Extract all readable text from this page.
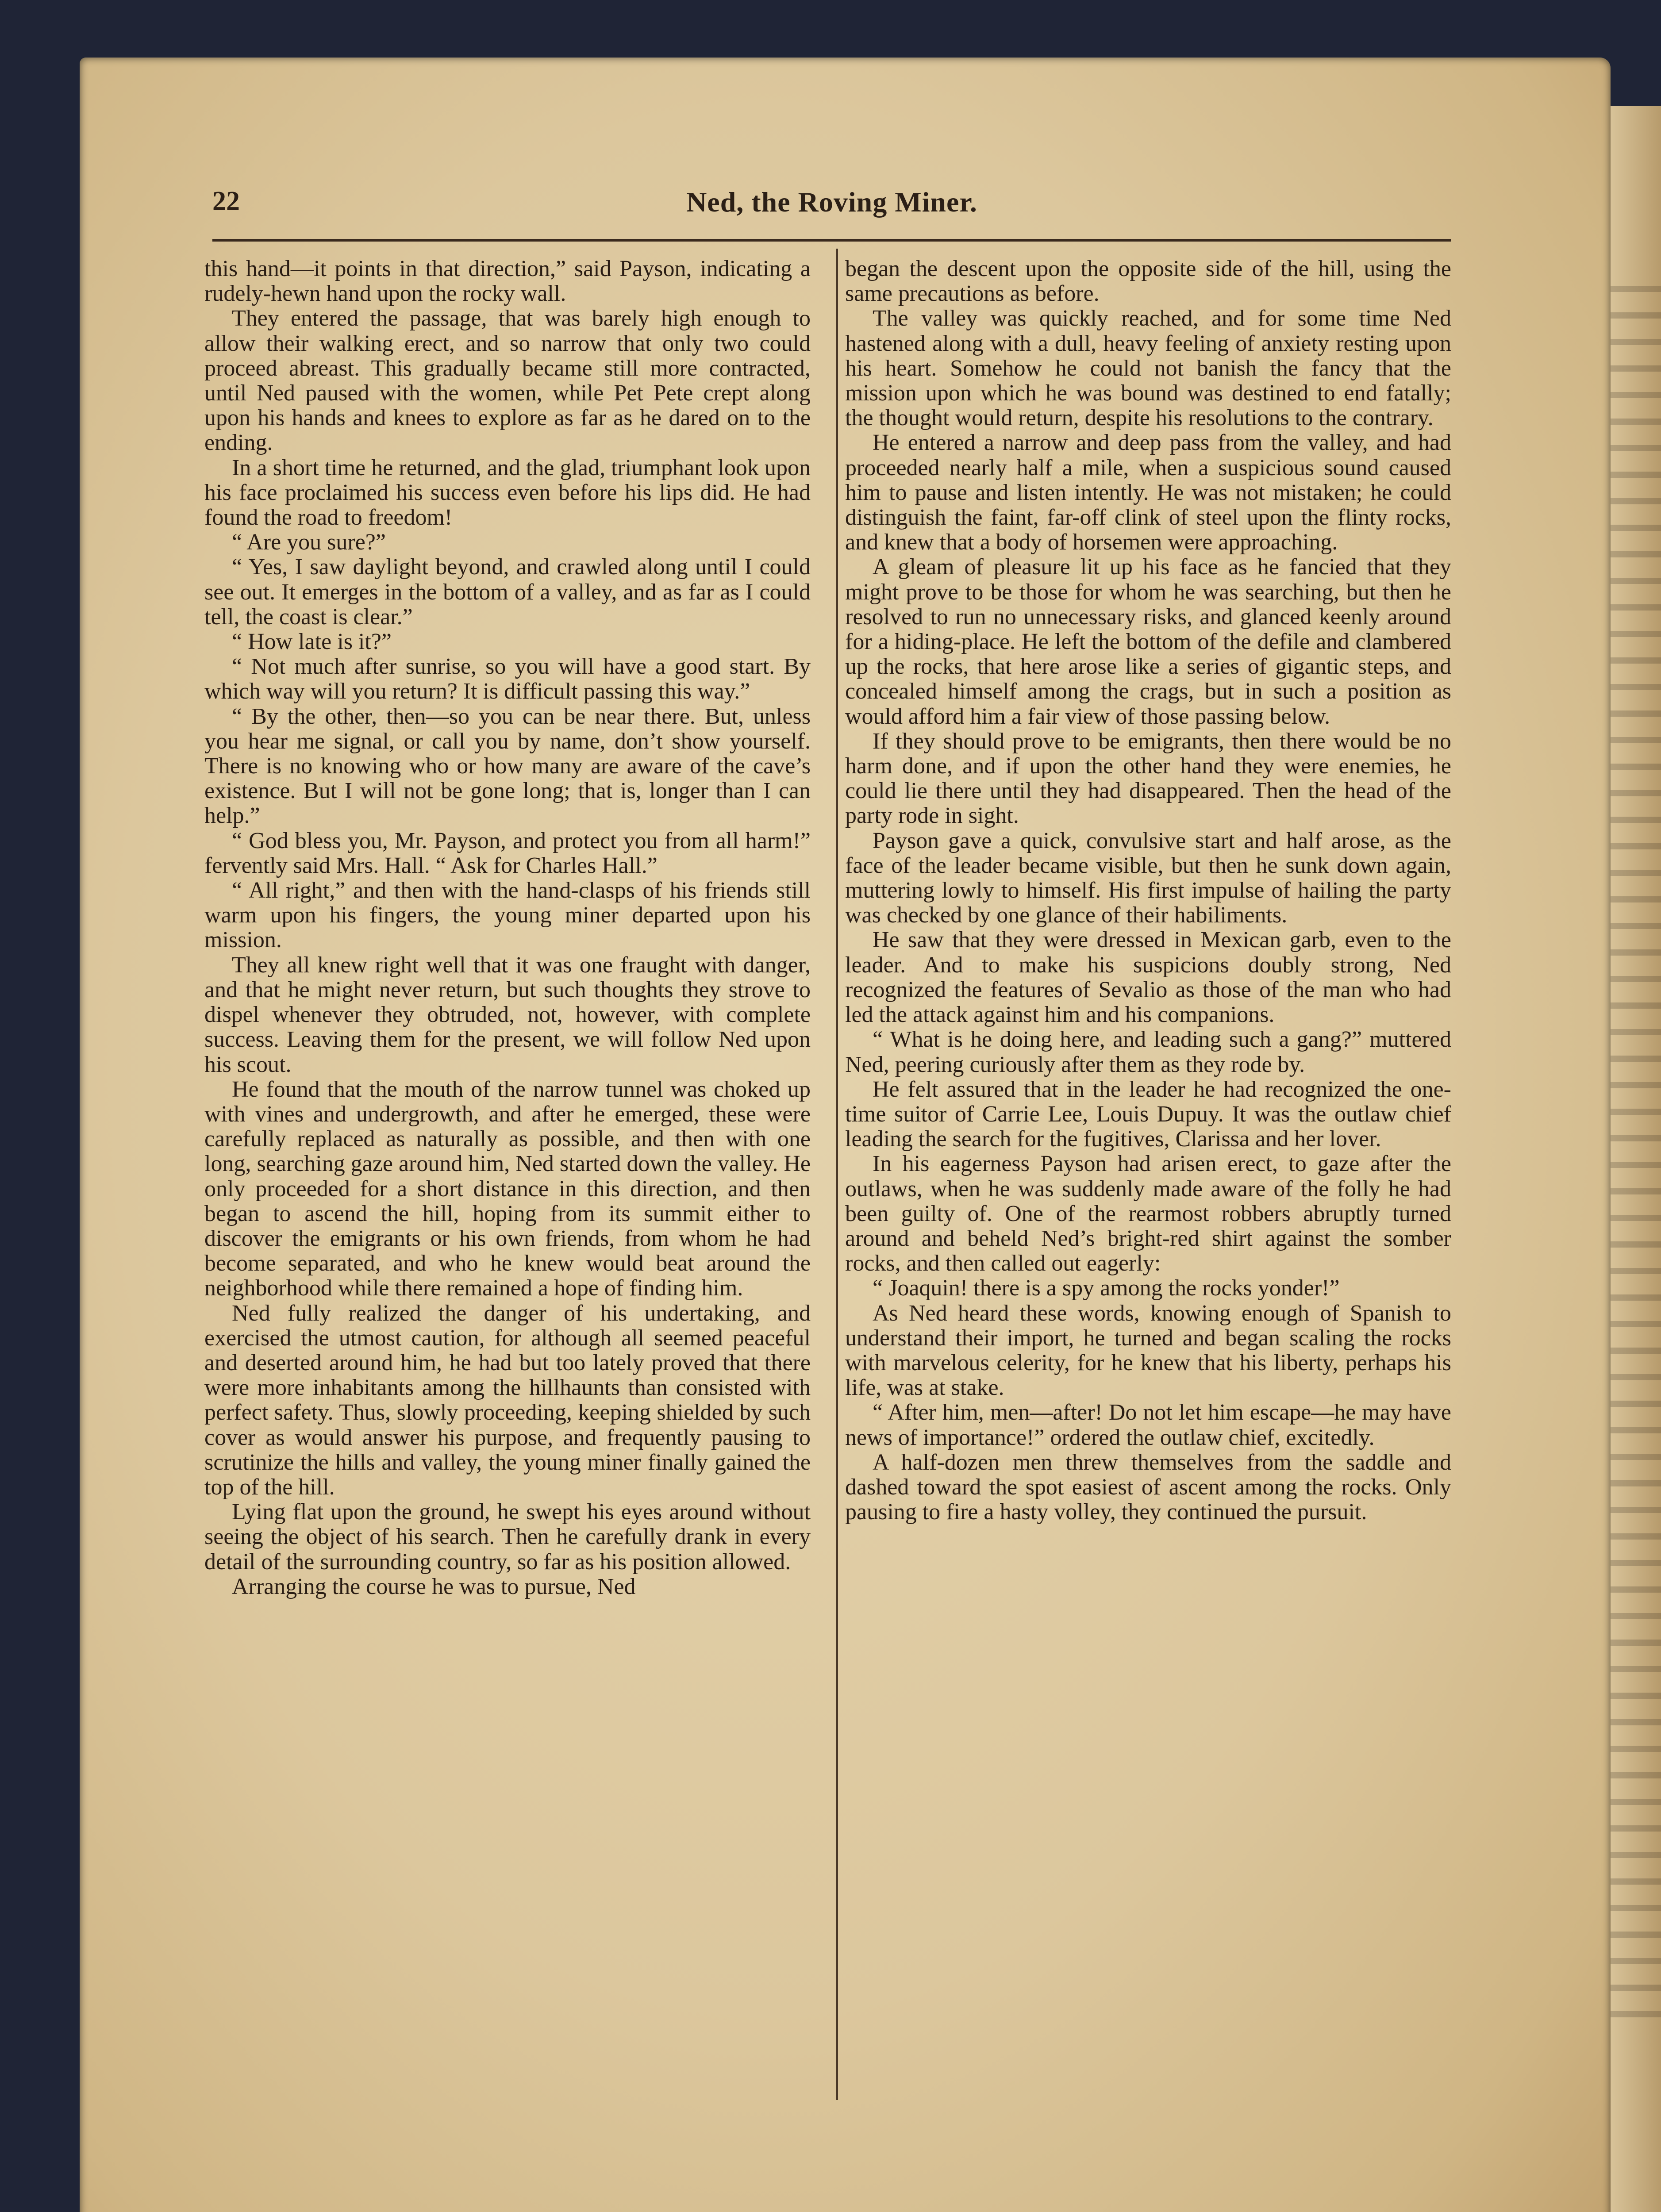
22	Ned, the Roving Miner.

this hand—it points in that direction,” said Payson, indicating a rudely-hewn hand upon the rocky wall.

They entered the passage, that was barely high enough to allow their walking erect, and so narrow that only two could proceed abreast. This gradually became still more contracted, until Ned paused with the women, while Pet Pete crept along upon his hands and knees to explore as far as he dared on to the ending.

In a short time he returned, and the glad, triumphant look upon his face proclaimed his success even before his lips did. He had found the road to freedom!

“ Are you sure?”

“ Yes, I saw daylight beyond, and crawled along until I could see out. It emerges in the bottom of a valley, and as far as I could tell, the coast is clear.”

“ How late is it?”

“ Not much after sunrise, so you will have a good start. By which way will you return? It is difficult passing this way.”

“ By the other, then—so you can be near there. But, unless you hear me signal, or call you by name, don’t show yourself. There is no knowing who or how many are aware of the cave’s existence. But I will not be gone long; that is, longer than I can help.”

“ God bless you, Mr. Payson, and protect you from all harm!” fervently said Mrs. Hall. “ Ask for Charles Hall.”

“ All right,” and then with the hand-clasps of his friends still warm upon his fingers, the young miner departed upon his mission.

They all knew right well that it was one fraught with danger, and that he might never return, but such thoughts they strove to dispel whenever they obtruded, not, however, with complete success. Leaving them for the present, we will follow Ned upon his scout.

He found that the mouth of the narrow tunnel was choked up with vines and undergrowth, and after he emerged, these were carefully replaced as naturally as possible, and then with one long, searching gaze around him, Ned started down the valley. He only proceeded for a short distance in this direction, and then began to ascend the hill, hoping from its summit either to discover the emigrants or his own friends, from whom he had become separated, and who he knew would beat around the neighborhood while there remained a hope of finding him.

Ned fully realized the danger of his undertaking, and exercised the utmost caution, for although all seemed peaceful and deserted around him, he had but too lately proved that there were more inhabitants among the hillhaunts than consisted with perfect safety. Thus, slowly proceeding, keeping shielded by such cover as would answer his purpose, and frequently pausing to scrutinize the hills and valley, the young miner finally gained the top of the hill.

Lying flat upon the ground, he swept his eyes around without seeing the object of his search. Then he carefully drank in every detail of the surrounding country, so far as his position allowed.

Arranging the course he was to pursue, Ned

began the descent upon the opposite side of the hill, using the same precautions as before.

The valley was quickly reached, and for some time Ned hastened along with a dull, heavy feeling of anxiety resting upon his heart. Somehow he could not banish the fancy that the mission upon which he was bound was destined to end fatally; the thought would return, despite his resolutions to the contrary.

He entered a narrow and deep pass from the valley, and had proceeded nearly half a mile, when a suspicious sound caused him to pause and listen intently. He was not mistaken; he could distinguish the faint, far-off clink of steel upon the flinty rocks, and knew that a body of horsemen were approaching.

A gleam of pleasure lit up his face as he fancied that they might prove to be those for whom he was searching, but then he resolved to run no unnecessary risks, and glanced keenly around for a hiding-place. He left the bottom of the defile and clambered up the rocks, that here arose like a series of gigantic steps, and concealed himself among the crags, but in such a position as would afford him a fair view of those passing below.

If they should prove to be emigrants, then there would be no harm done, and if upon the other hand they were enemies, he could lie there until they had disappeared. Then the head of the party rode in sight.

Payson gave a quick, convulsive start and half arose, as the face of the leader became visible, but then he sunk down again, muttering lowly to himself. His first impulse of hailing the party was checked by one glance of their habiliments.

He saw that they were dressed in Mexican garb, even to the leader. And to make his suspicions doubly strong, Ned recognized the features of Sevalio as those of the man who had led the attack against him and his companions.

“ What is he doing here, and leading such a gang?” muttered Ned, peering curiously after them as they rode by.

He felt assured that in the leader he had recognized the one-time suitor of Carrie Lee, Louis Dupuy. It was the outlaw chief leading the search for the fugitives, Clarissa and her lover.

In his eagerness Payson had arisen erect, to gaze after the outlaws, when he was suddenly made aware of the folly he had been guilty of. One of the rearmost robbers abruptly turned around and beheld Ned’s bright-red shirt against the somber rocks, and then called out eagerly:

“ Joaquin! there is a spy among the rocks yonder!”

As Ned heard these words, knowing enough of Spanish to understand their import, he turned and began scaling the rocks with marvelous celerity, for he knew that his liberty, perhaps his life, was at stake.

“ After him, men—after! Do not let him escape—he may have news of importance!” ordered the outlaw chief, excitedly.

A half-dozen men threw themselves from the saddle and dashed toward the spot easiest of ascent among the rocks. Only pausing to fire a hasty volley, they continued the pursuit.
